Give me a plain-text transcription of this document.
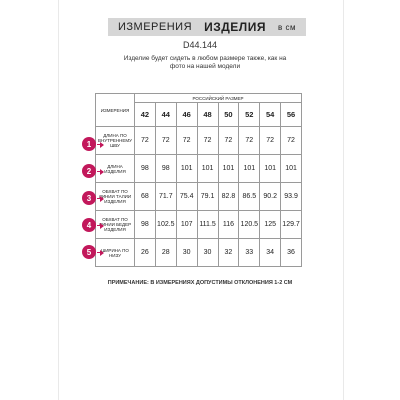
ИЗМЕРЕНИЯ ИЗДЕЛИЯ в см
D44.144
Изделие будет сидеть в любом размере также, как на фото на нашей модели
ИЗМЕРЕНИЯ	РОССИЙСКИЙ РАЗМЕР							
	42	44	46	48	50	52	54	56
ДЛИНА ПО ВНУТРЕННЕМУ ШВУ	72	72	72	72	72	72	72	72
ДЛИНА ИЗДЕЛИЯ	98	98	101	101	101	101	101	101
ОБХВАТ ПО ЛИНИИ ТАЛИИ ИЗДЕЛИЯ	68	71.7	75.4	79.1	82.8	86.5	90.2	93.9
ОБХВАТ ПО ЛИНИИ БЕДЕР ИЗДЕЛИЯ	98	102.5	107	111.5	116	120.5	125	129.7
ШИРИНА ПО НИЗУ	26	28	30	30	32	33	34	36
ПРИМЕЧАНИЕ: В ИЗМЕРЕНИЯХ ДОПУСТИМЫ ОТКЛОНЕНИЯ 1-2 СМ
1
2
3
4
5
